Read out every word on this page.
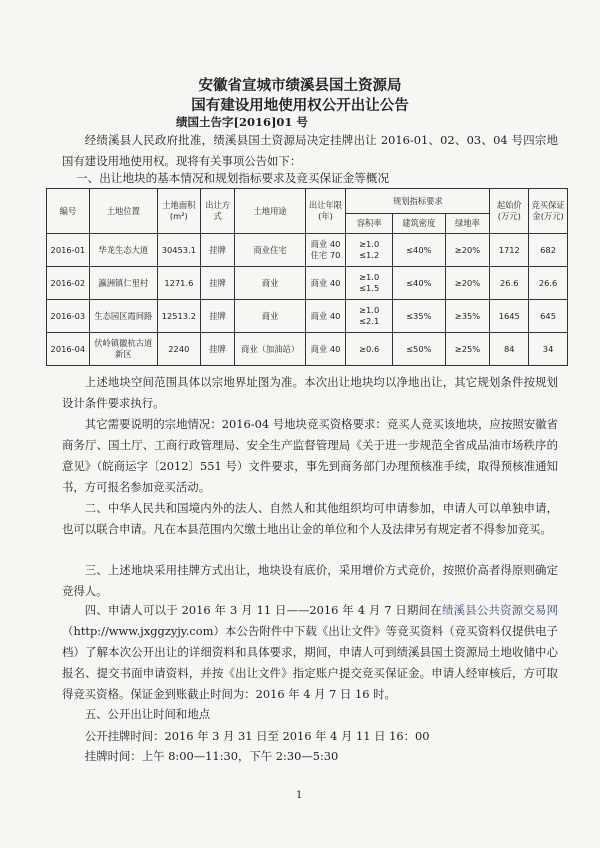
安徽省宣城市绩溪县国土资源局
国有建设用地使用权公开出让公告
绩国土告字[2016]01 号
经绩溪县人民政府批准，绩溪县国土资源局决定挂牌出让 2016-01、02、03、04 号四宗地国有建设用地使用权。现将有关事项公告如下：
一、出让地块的基本情况和规划指标要求及竞买保证金等概况
编号	土地位置	土地面积(m²)	出让方式	土地用途	出让年限(年)	规划指标要求			起始价(万元)	竞买保证金(万元)
						容积率	建筑密度	绿地率		
2016-01	华龙生态大道	30453.1	挂牌	商业住宅	商业 40 住宅 70	≥1.0 ≤1.2	≤40%	≥20%	1712	682
2016-02	瀛洲镇仁里村	1271.6	挂牌	商业	商业 40	≥1.0 ≤1.5	≤40%	≥20%	26.6	26.6
2016-03	生态园区霞间路	12513.2	挂牌	商业	商业 40	≥1.0 ≤2.1	≤35%	≥35%	1645	645
2016-04	伏岭镇徽杭古道新区	2240	挂牌	商业（加油站）	商业 40	≥0.6	≤50%	≥25%	84	34
上述地块空间范围具体以宗地界址图为准。本次出让地块均以净地出让，其它规划条件按规划设计条件要求执行。
其它需要说明的宗地情况：2016-04 号地块竞买资格要求：竞买人竞买该地块，应按照安徽省商务厅、国土厅、工商行政管理局、安全生产监督管理局《关于进一步规范全省成品油市场秩序的意见》（皖商运字〔2012〕551 号）文件要求，事先到商务部门办理预核准手续，取得预核准通知书，方可报名参加竞买活动。
二、中华人民共和国境内外的法人、自然人和其他组织均可申请参加，申请人可以单独申请，也可以联合申请。凡在本县范围内欠缴土地出让金的单位和个人及法律另有规定者不得参加竞买。
三、上述地块采用挂牌方式出让，地块设有底价，采用增价方式竞价，按照价高者得原则确定竞得人。
四、申请人可以于 2016 年 3 月 11 日——2016 年 4 月 7 日期间在绩溪县公共资源交易网（http://www.jxggzyjy.com）本公告附件中下载《出让文件》等竞买资料（竞买资料仅提供电子档）了解本次公开出让的详细资料和具体要求，期间，申请人可到绩溪县国土资源局土地收储中心报名、提交书面申请资料，并按《出让文件》指定账户提交竞买保证金。申请人经审核后，方可取得竞买资格。保证金到账截止时间为：2016 年 4 月 7 日 16 时。
五、公开出让时间和地点
公开挂牌时间：2016 年 3 月 31 日至 2016 年 4 月 11 日 16：00
挂牌时间：上午 8:00—11:30，下午 2:30—5:30
1
